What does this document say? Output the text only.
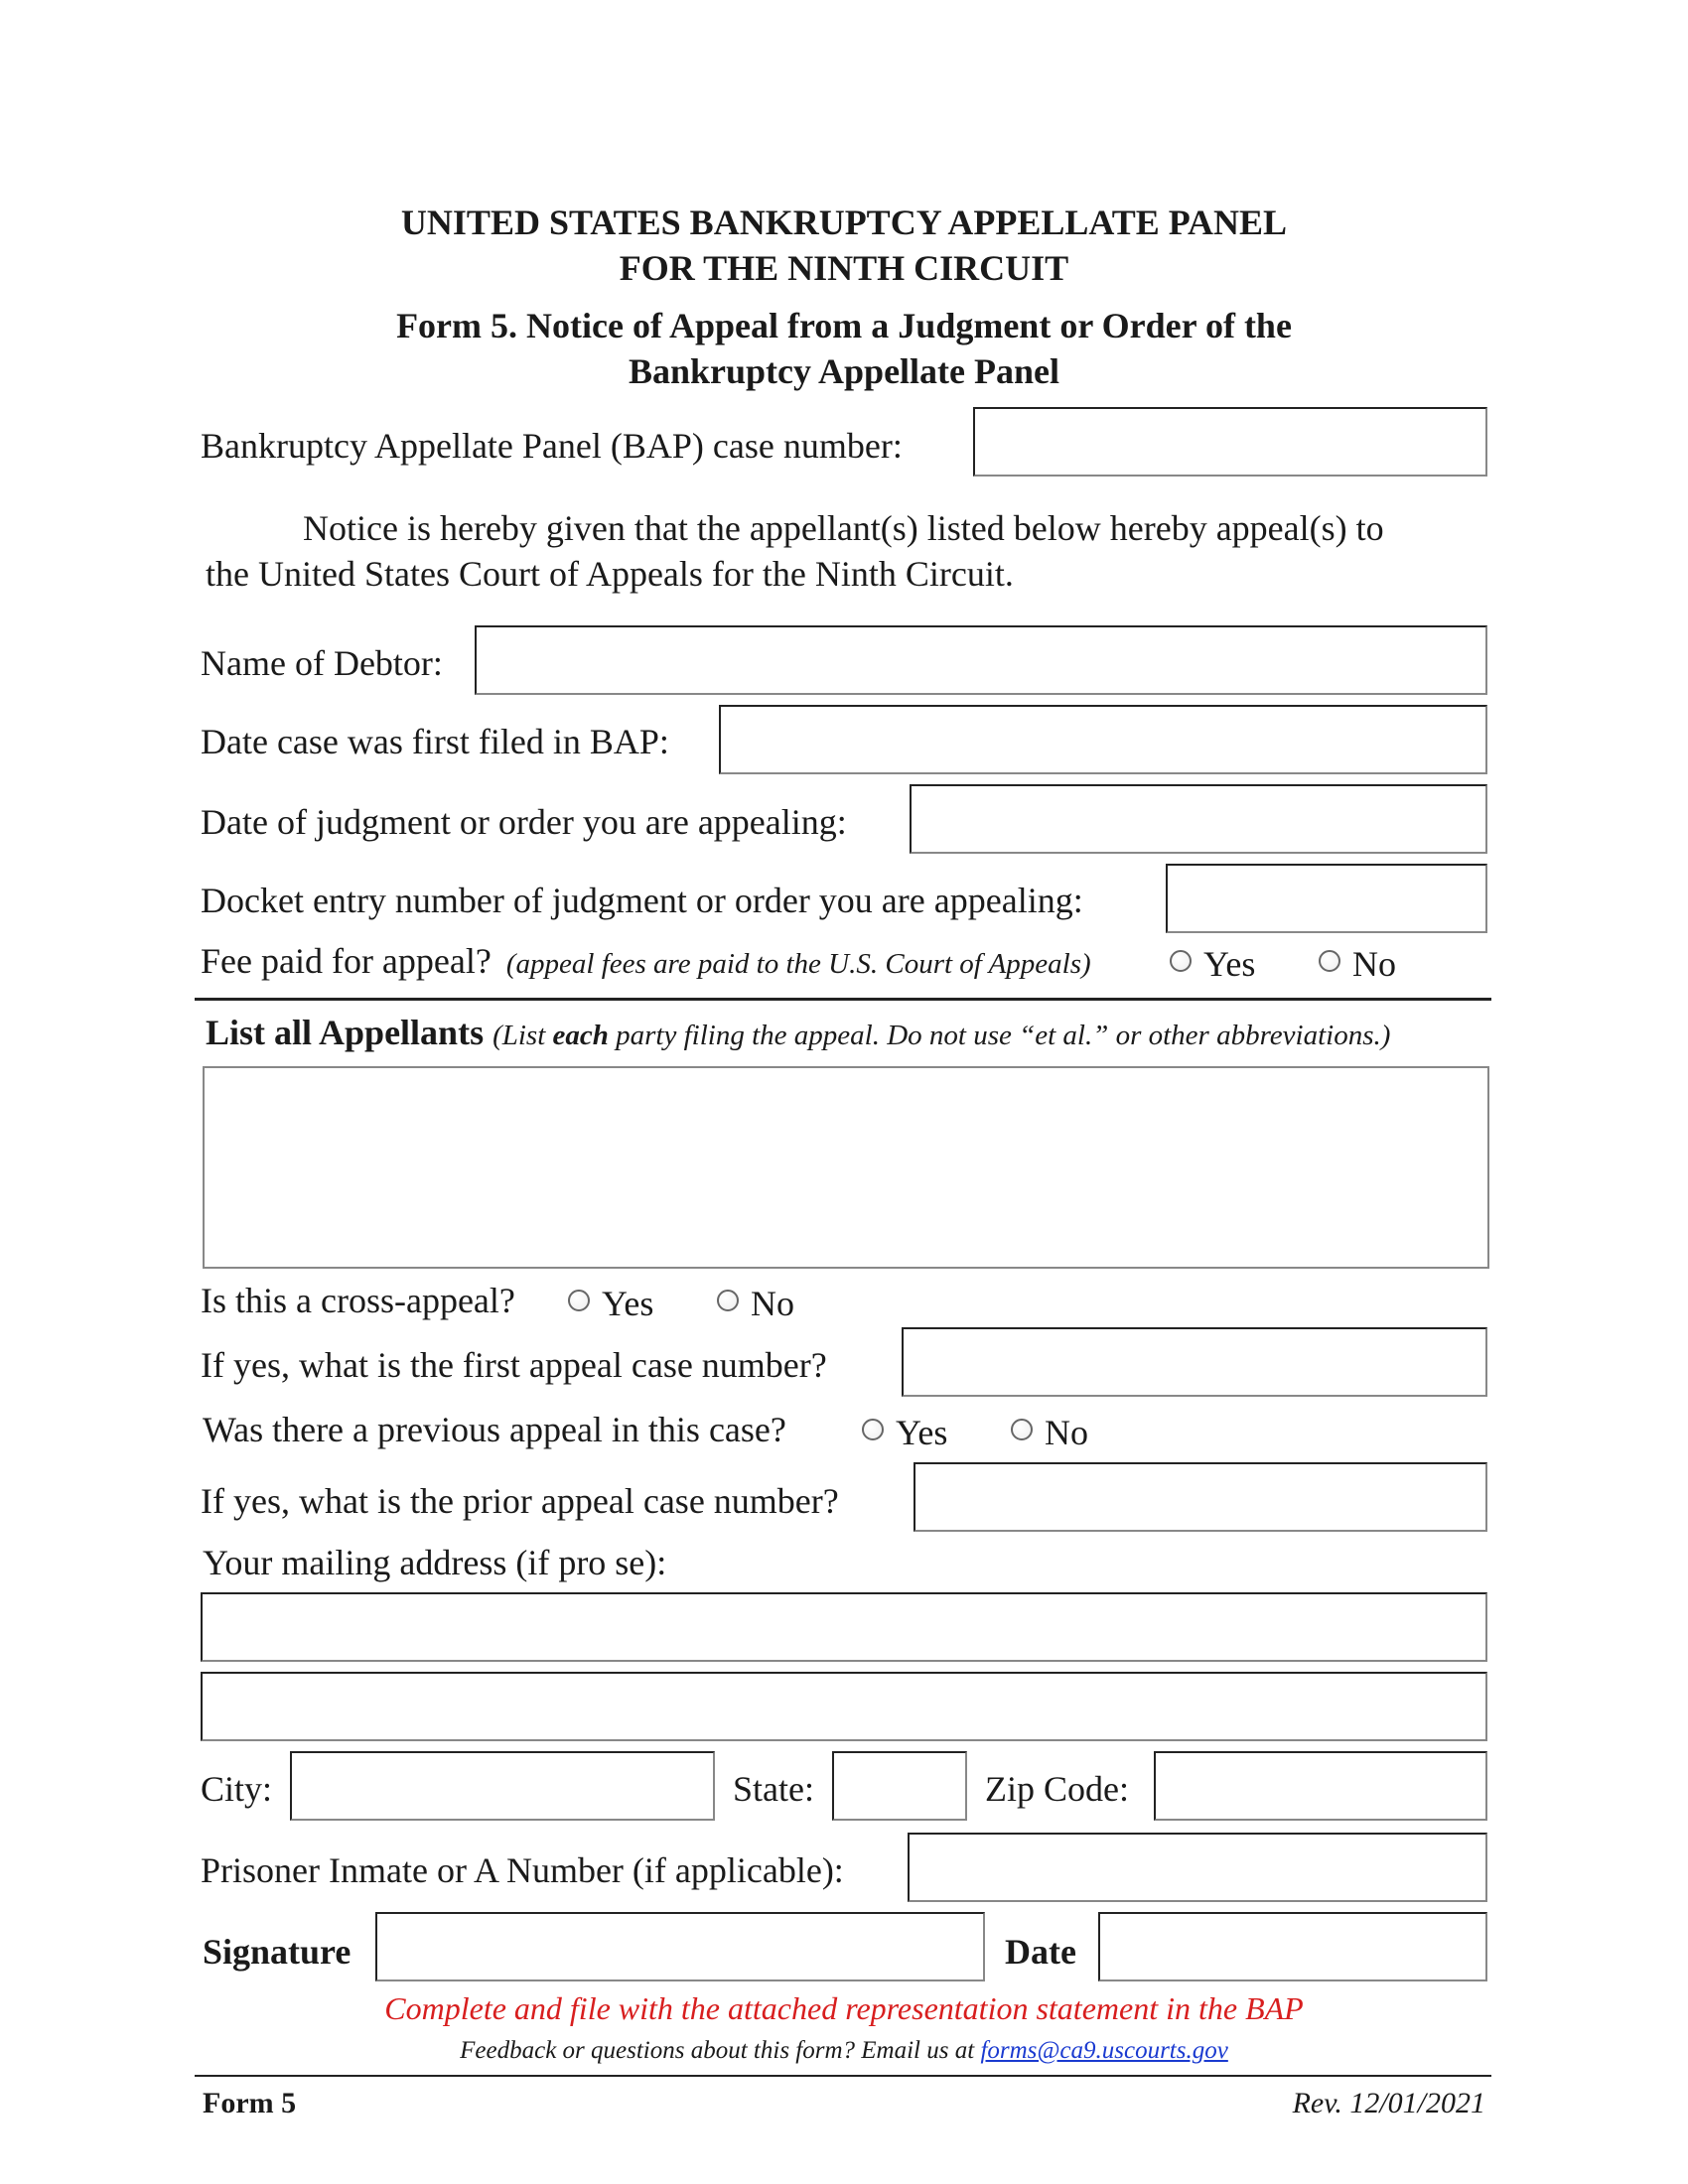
UNITED STATES BANKRUPTCY APPELLATE PANEL
FOR THE NINTH CIRCUIT
Form 5. Notice of Appeal from a Judgment or Order of the
Bankruptcy Appellate Panel
Bankruptcy Appellate Panel (BAP) case number:
Notice is hereby given that the appellant(s) listed below hereby appeal(s) to
the United States Court of Appeals for the Ninth Circuit.
Name of Debtor:
Date case was first filed in BAP:
Date of judgment or order you are appealing:
Docket entry number of judgment or order you are appealing:
Fee paid for appeal? (appeal fees are paid to the U.S. Court of Appeals)	Yes	No
List all Appellants (List each party filing the appeal. Do not use “et al.” or other abbreviations.)
Is this a cross-appeal? Yes	No
If yes, what is the first appeal case number?
Was there a previous appeal in this case?	Yes	No
If yes, what is the prior appeal case number?
Your mailing address (if pro se):
City:	State:	Zip Code:
Prisoner Inmate or A Number (if applicable):
Signature	Date
Complete and file with the attached representation statement in the BAP
Feedback or questions about this form? Email us at forms@ca9.uscourts.gov
Form 5	Rev. 12/01/2021
